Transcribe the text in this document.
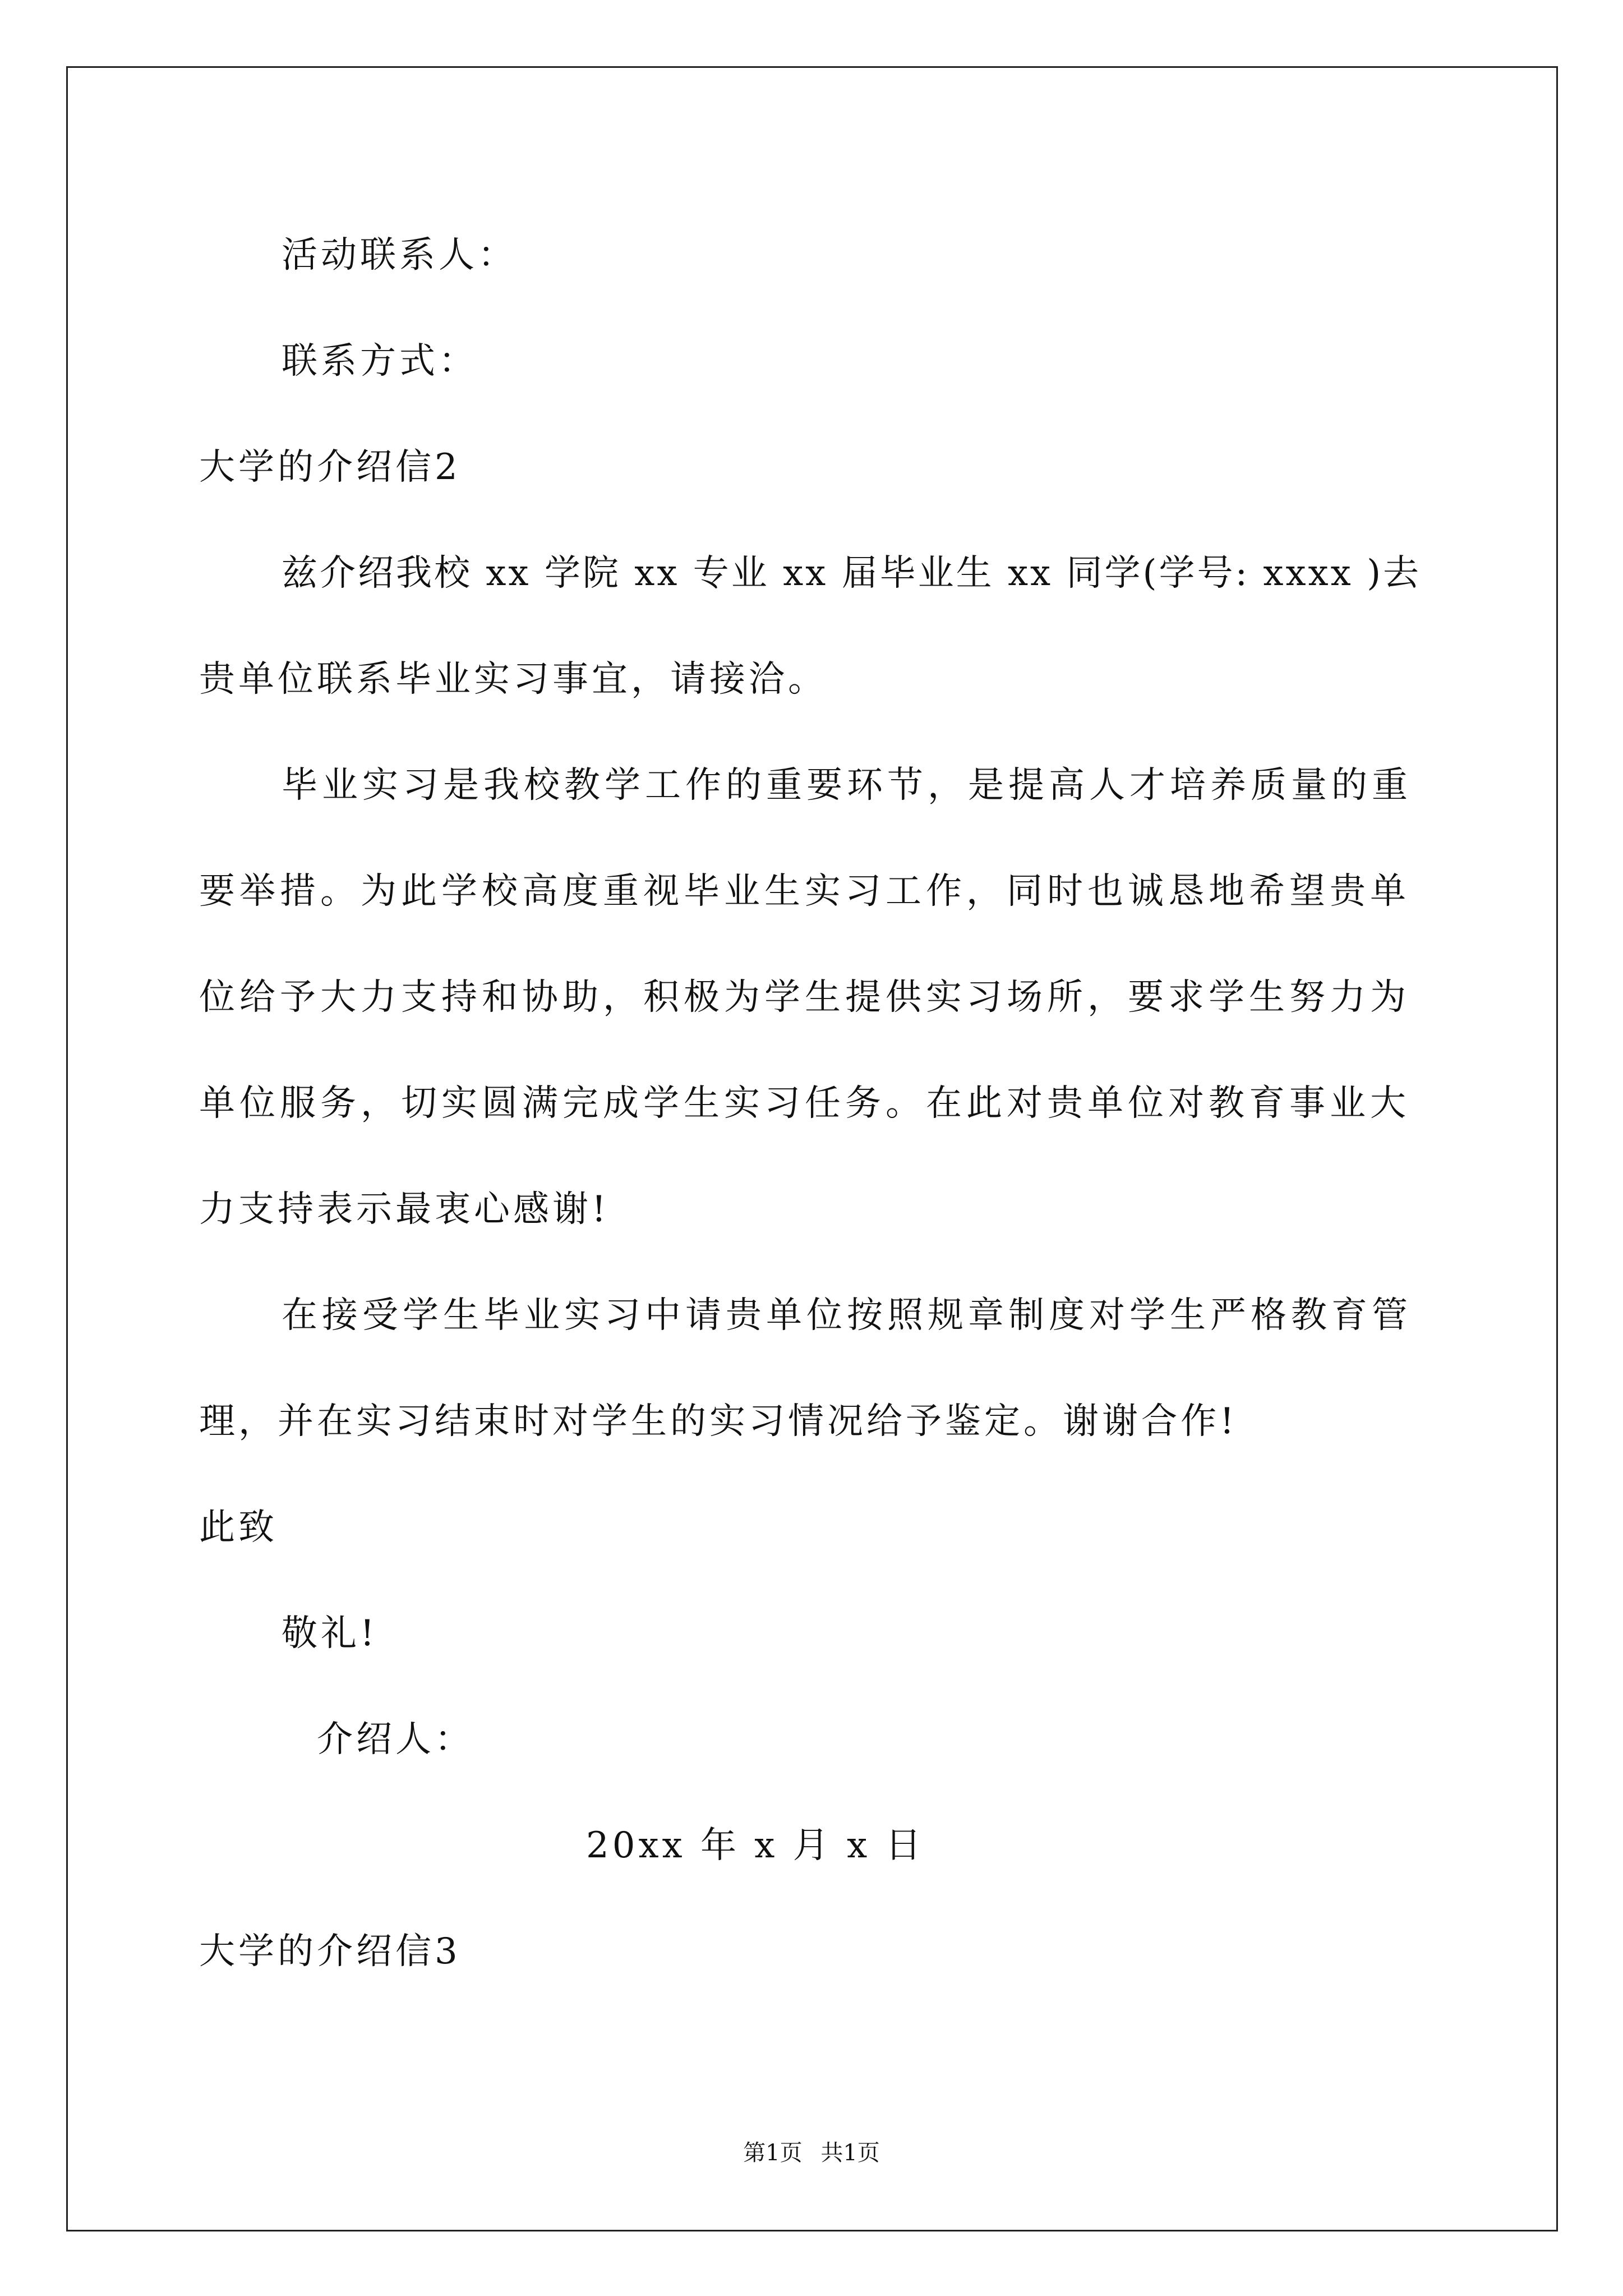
活动联系人：
联系方式：
大学的介绍信2
兹介绍我校 xx 学院 xx 专业 xx 届毕业生 xx 同学(学号: xxxx )去
贵单位联系毕业实习事宜，请接洽。
毕业实习是我校教学工作的重要环节，是提高人才培养质量的重
要举措。为此学校高度重视毕业生实习工作，同时也诚恳地希望贵单
位给予大力支持和协助，积极为学生提供实习场所，要求学生努力为
单位服务，切实圆满完成学生实习任务。在此对贵单位对教育事业大
力支持表示最衷心感谢!
在接受学生毕业实习中请贵单位按照规章制度对学生严格教育管
理，并在实习结束时对学生的实习情况给予鉴定。谢谢合作!
此致
敬礼!
介绍人：
20xx 年 x 月 x 日
大学的介绍信3
第1页 共1页
